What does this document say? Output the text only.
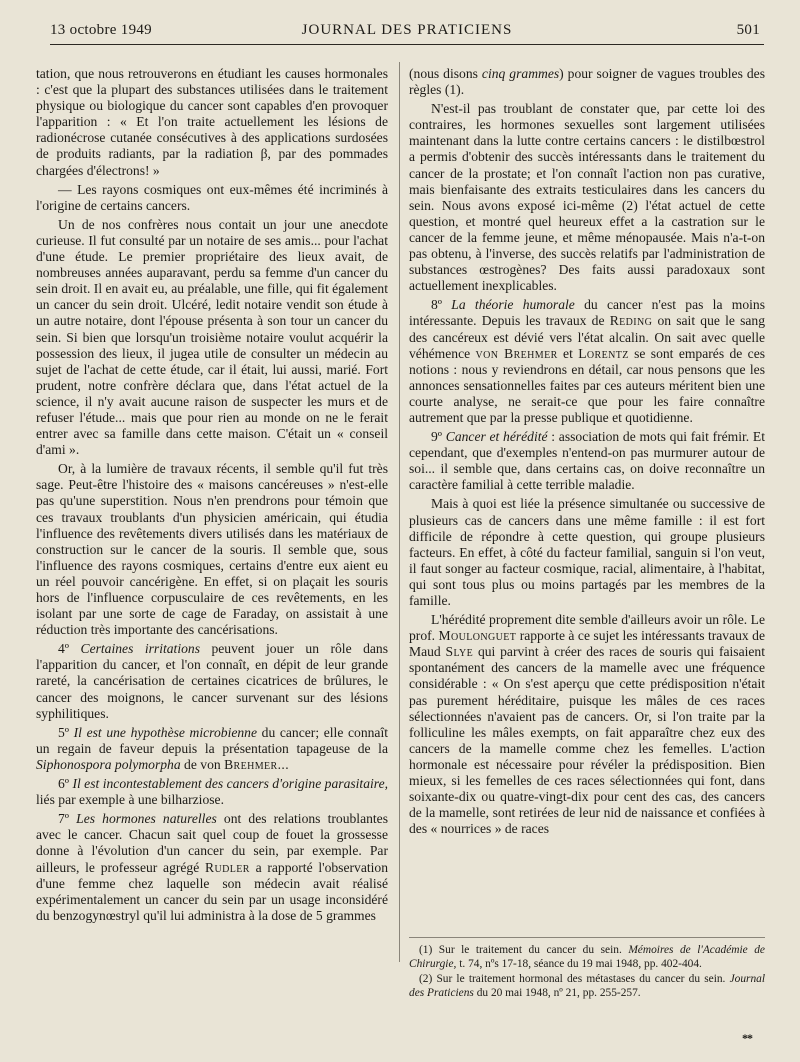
13 octobre 1949	JOURNAL DES PRATICIENS	501

tation, que nous retrouverons en étudiant les causes hormonales : c'est que la plupart des substances utilisées dans le traitement physique ou biologique du cancer sont capables d'en provoquer l'apparition : « Et l'on traite actuellement les lésions de radionécrose cutanée consécutives à des applications surdosées de produits radiants, par la radiation β, par des pommades chargées d'électrons! »

— Les rayons cosmiques ont eux-mêmes été incriminés à l'origine de certains cancers.

Un de nos confrères nous contait un jour une anecdote curieuse. Il fut consulté par un notaire de ses amis... pour l'achat d'une étude. Le premier propriétaire des lieux avait, de nombreuses années auparavant, perdu sa femme d'un cancer du sein droit. Il en avait eu, au préalable, une fille, qui fit également un cancer du sein droit. Ulcéré, ledit notaire vendit son étude à un autre notaire, dont l'épouse présenta à son tour un cancer du sein. Si bien que lorsqu'un troisième notaire voulut acquérir la possession des lieux, il jugea utile de consulter un médecin au sujet de l'achat de cette étude, car il était, lui aussi, marié. Fort prudent, notre confrère déclara que, dans l'état actuel de la science, il n'y avait aucune raison de suspecter les murs et de refuser l'étude... mais que pour rien au monde on ne le ferait entrer avec sa famille dans cette maison. C'était un « conseil d'ami ».

Or, à la lumière de travaux récents, il semble qu'il fut très sage. Peut-être l'histoire des « maisons cancéreuses » n'est-elle pas qu'une superstition. Nous n'en prendrons pour témoin que ces travaux troublants d'un physicien américain, qui étudia l'influence des revêtements divers utilisés dans les matériaux de construction sur le cancer de la souris. Il semble que, sous l'influence des rayons cosmiques, certains d'entre eux aient eu un réel pouvoir cancérigène. En effet, si on plaçait les souris hors de l'influence corpusculaire de ces revêtements, en les isolant par une sorte de cage de Faraday, on assistait à une réduction très importante des cancérisations.

4º Certaines irritations peuvent jouer un rôle dans l'apparition du cancer, et l'on connaît, en dépit de leur grande rareté, la cancérisation de certaines cicatrices de brûlures, le cancer des moignons, le cancer survenant sur des lésions syphilitiques.

5º Il est une hypothèse microbienne du cancer; elle connaît un regain de faveur depuis la présentation tapageuse de la Siphonospora polymorpha de von Brehmer...

6º Il est incontestablement des cancers d'origine parasitaire, liés par exemple à une bilharziose.

7º Les hormones naturelles ont des relations troublantes avec le cancer. Chacun sait quel coup de fouet la grossesse donne à l'évolution d'un cancer du sein, par exemple. Par ailleurs, le professeur agrégé Rudler a rapporté l'observation d'une femme chez laquelle son médecin avait réalisé expérimentalement un cancer du sein par un usage inconsidéré du benzogynœstryl qu'il lui administra à la dose de 5 grammes

(nous disons cinq grammes) pour soigner de vagues troubles des règles (1).

N'est-il pas troublant de constater que, par cette loi des contraires, les hormones sexuelles sont largement utilisées maintenant dans la lutte contre certains cancers : le distilbœstrol a permis d'obtenir des succès intéressants dans le traitement du cancer de la prostate; et l'on connaît l'action non pas curative, mais bienfaisante des extraits testiculaires dans les cancers du sein. Nous avons exposé ici-même (2) l'état actuel de cette question, et montré quel heureux effet a la castration sur le cancer de la femme jeune, et même ménopausée. Mais n'a-t-on pas obtenu, à l'inverse, des succès relatifs par l'administration de substances œstrogènes? Des faits aussi paradoxaux sont actuellement inexplicables.

8º La théorie humorale du cancer n'est pas la moins intéressante. Depuis les travaux de Reding on sait que le sang des cancéreux est dévié vers l'état alcalin. On sait avec quelle véhémence von Brehmer et Lorentz se sont emparés de ces notions : nous y reviendrons en détail, car nous pensons que les annonces sensationnelles faites par ces auteurs méritent bien une courte analyse, ne serait-ce que pour les faire connaître autrement que par la presse publique et quotidienne.

9º Cancer et hérédité : association de mots qui fait frémir. Et cependant, que d'exemples n'entend-on pas murmurer autour de soi... il semble que, dans certains cas, on doive reconnaître un caractère familial à cette terrible maladie.

Mais à quoi est liée la présence simultanée ou successive de plusieurs cas de cancers dans une même famille : il est fort difficile de répondre à cette question, qui groupe plusieurs facteurs. En effet, à côté du facteur familial, sanguin si l'on veut, il faut songer au facteur cosmique, racial, alimentaire, à l'habitat, qui sont tous plus ou moins partagés par les membres de la famille.

L'hérédité proprement dite semble d'ailleurs avoir un rôle. Le prof. Moulonguet rapporte à ce sujet les intéressants travaux de Maud Slye qui parvint à créer des races de souris qui faisaient spontanément des cancers de la mamelle avec une fréquence considérable : « On s'est aperçu que cette prédisposition n'était pas purement héréditaire, puisque les mâles de ces races sélectionnées n'avaient pas de cancers. Or, si l'on traite par la folliculine les mâles exempts, on fait apparaître chez eux des cancers de la mamelle comme chez les femelles. L'action hormonale est nécessaire pour révéler la prédisposition. Bien mieux, si les femelles de ces races sélectionnées qui font, dans soixante-dix ou quatre-vingt-dix pour cent des cas, des cancers de la mamelle, sont retirées de leur nid de naissance et confiées à des « nourrices » de races

(1) Sur le traitement du cancer du sein. Mémoires de l'Académie de Chirurgie, t. 74, nºs 17-18, séance du 19 mai 1948, pp. 402-404.

(2) Sur le traitement hormonal des métastases du cancer du sein. Journal des Praticiens du 20 mai 1948, nº 21, pp. 255-257.

**
